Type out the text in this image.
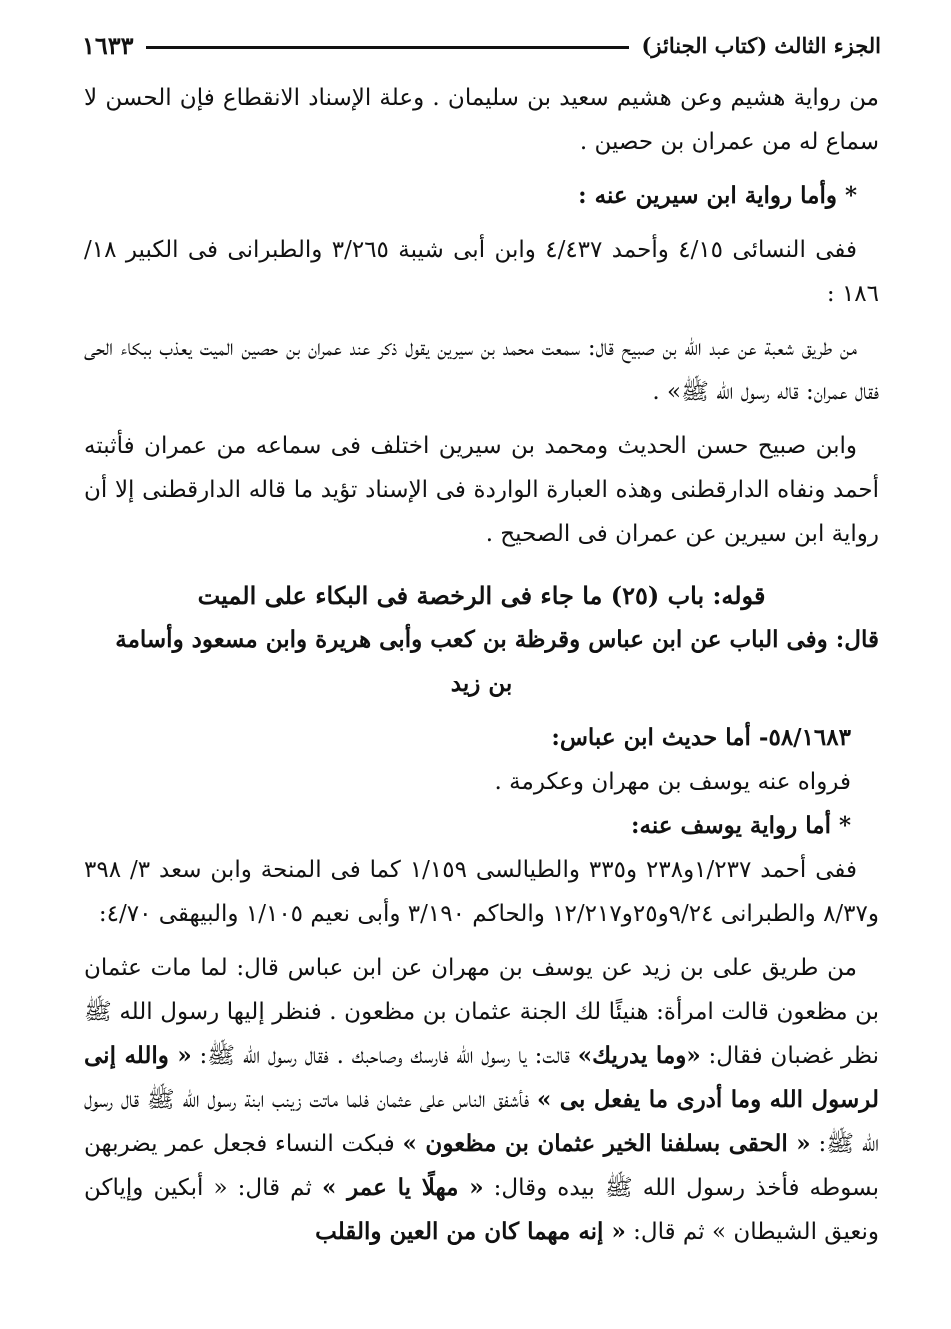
الجزء الثالث (كتاب الجنائز)
١٦٣٣

من رواية هشيم وعن هشيم سعيد بن سليمان . وعلة الإسناد الانقطاع فإن الحسن لا سماع له من عمران بن حصين .

* وأما رواية ابن سيرين عنه :

ففى النسائى ٤/١٥ وأحمد ٤/٤٣٧ وابن أبى شيبة ٣/٢٦٥ والطبرانى فى الكبير ١٨/ ١٨٦ :

من طريق شعبة عن عبد الله بن صبيح قال: سمعت محمد بن سيرين يقول ذكر عند عمران بن حصين الميت يعذب ببكاء الحى فقال عمران: قاله رسول الله ﷺ» .

وابن صبيح حسن الحديث ومحمد بن سيرين اختلف فى سماعه من عمران فأثبته أحمد ونفاه الدارقطنى وهذه العبارة الواردة فى الإسناد تؤيد ما قاله الدارقطنى إلا أن رواية ابن سيرين عن عمران فى الصحيح .

قوله: باب (٢٥) ما جاء فى الرخصة فى البكاء على الميت

قال: وفى الباب عن ابن عباس وقرظة بن كعب وأبى هريرة وابن مسعود وأسامة بن زيد

٥٨/١٦٨٣- أما حديث ابن عباس:

فرواه عنه يوسف بن مهران وعكرمة .

* أما رواية يوسف عنه:

ففى أحمد ١/٢٣٧و٢٣٨ و٣٣٥ والطيالسى ١/١٥٩ كما فى المنحة وابن سعد ٣/ ٣٩٨ و٨/٣٧ والطبرانى ٩/٢٤و٢٥و١٢/٢١٧ والحاكم ٣/١٩٠ وأبى نعيم ١/١٠٥ والبيهقى ٤/٧٠:

من طريق على بن زيد عن يوسف بن مهران عن ابن عباس قال: لما مات عثمان بن مظعون قالت امرأة: هنيئًا لك الجنة عثمان بن مظعون . فنظر إليها رسول الله ﷺ نظر غضبان فقال: «وما يدريك» قالت: يا رسول الله فارسك وصاحبك . فقال رسول الله ﷺ: « والله إنى لرسول الله وما أدرى ما يفعل بى » فأشفق الناس على عثمان فلما ماتت زينب ابنة رسول الله ﷺ قال رسول الله ﷺ: « الحقى بسلفنا الخير عثمان بن مظعون » فبكت النساء فجعل عمر يضربهن بسوطه فأخذ رسول الله ﷺ بيده وقال: « مهلًا يا عمر » ثم قال: « أبكين وإياكن ونعيق الشيطان » ثم قال: « إنه مهما كان من العين والقلب
